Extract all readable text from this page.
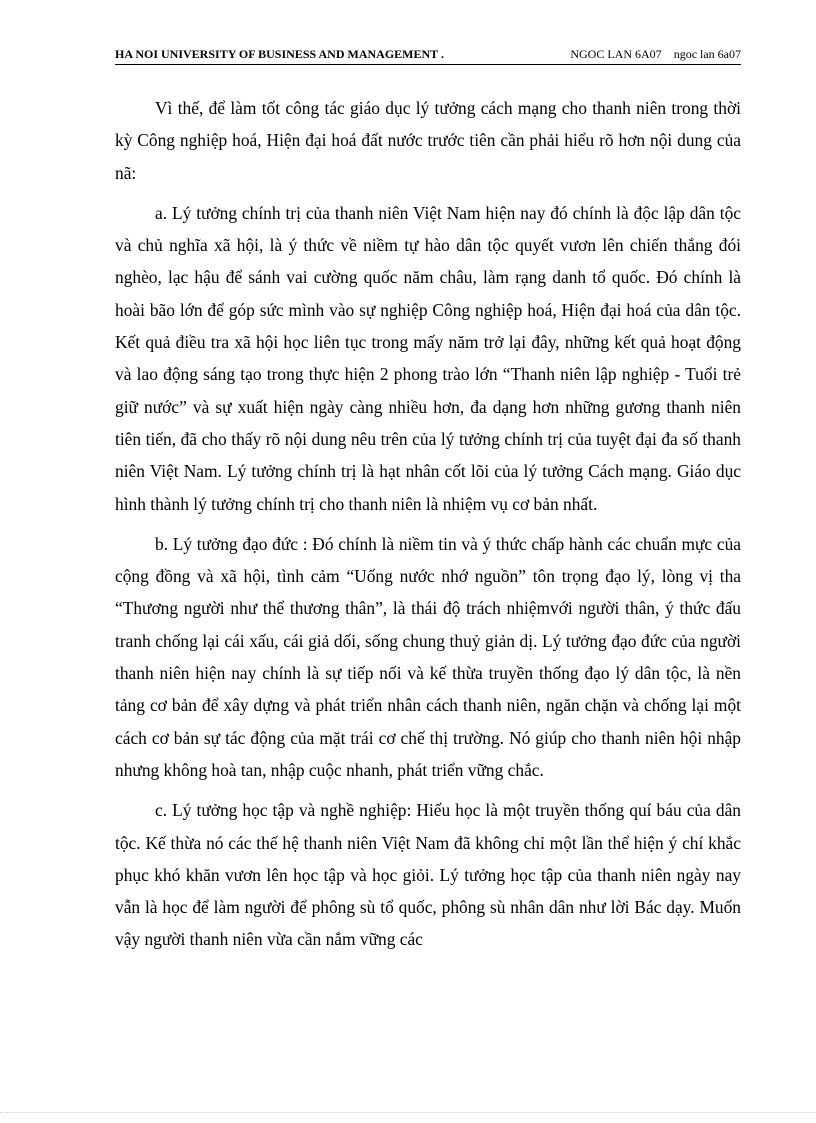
HA NOI UNIVERSITY OF BUSINESS AND MANAGEMENT .	NGOC LAN 6A07 ngoc lan 6a07

Vì thế, để làm tốt công tác giáo dục lý tưởng cách mạng cho thanh niên trong thời kỳ Công nghiệp hoá, Hiện đại hoá đất nước trước tiên cần phải hiểu rõ hơn nội dung của nã:

a. Lý tưởng chính trị của thanh niên Việt Nam hiện nay đó chính là độc lập dân tộc và chủ nghĩa xã hội, là ý thức về niềm tự hào dân tộc quyết vươn lên chiến thắng đói nghèo, lạc hậu để sánh vai cường quốc năm châu, làm rạng danh tổ quốc. Đó chính là hoài bão lớn để góp sức mình vào sự nghiệp Công nghiệp hoá, Hiện đại hoá của dân tộc. Kết quả điều tra xã hội học liên tục trong mấy năm trở lại đây, những kết quả hoạt động và lao động sáng tạo trong thực hiện 2 phong trào lớn “Thanh niên lập nghiệp - Tuổi trẻ giữ nước” và sự xuất hiện ngày càng nhiều hơn, đa dạng hơn những gương thanh niên tiên tiến, đã cho thấy rõ nội dung nêu trên của lý tưởng chính trị của tuyệt đại đa số thanh niên Việt Nam. Lý tưởng chính trị là hạt nhân cốt lõi của lý tưởng Cách mạng. Giáo dục hình thành lý tưởng chính trị cho thanh niên là nhiệm vụ cơ bản nhất.

b. Lý tưởng đạo đức : Đó chính là niềm tin và ý thức chấp hành các chuẩn mực của cộng đồng và xã hội, tình cảm “Uống nước nhớ nguồn” tôn trọng đạo lý, lòng vị tha “Thương người như thể thương thân”, là thái độ trách nhiệmvới người thân, ý thức đấu tranh chống lại cái xấu, cái giả dối, sống chung thuỷ giản dị. Lý tưởng đạo đức của người thanh niên hiện nay chính là sự tiếp nối và kế thừa truyền thống đạo lý dân tộc, là nền tảng cơ bản để xây dựng và phát triển nhân cách thanh niên, ngăn chặn và chống lại một cách cơ bản sự tác động của mặt trái cơ chế thị trường. Nó giúp cho thanh niên hội nhập nhưng không hoà tan, nhập cuộc nhanh, phát triển vững chắc.

c. Lý tưởng học tập và nghề nghiệp: Hiếu học là một truyền thống quí báu của dân tộc. Kế thừa nó các thế hệ thanh niên Việt Nam đã không chỉ một lần thể hiện ý chí khắc phục khó khăn vươn lên học tập và học giỏi. Lý tưởng học tập của thanh niên ngày nay vẫn là học để làm người để phông sù tổ quốc, phông sù nhân dân như lời Bác dạy. Muốn vậy người thanh niên vừa cần nắm vững các
